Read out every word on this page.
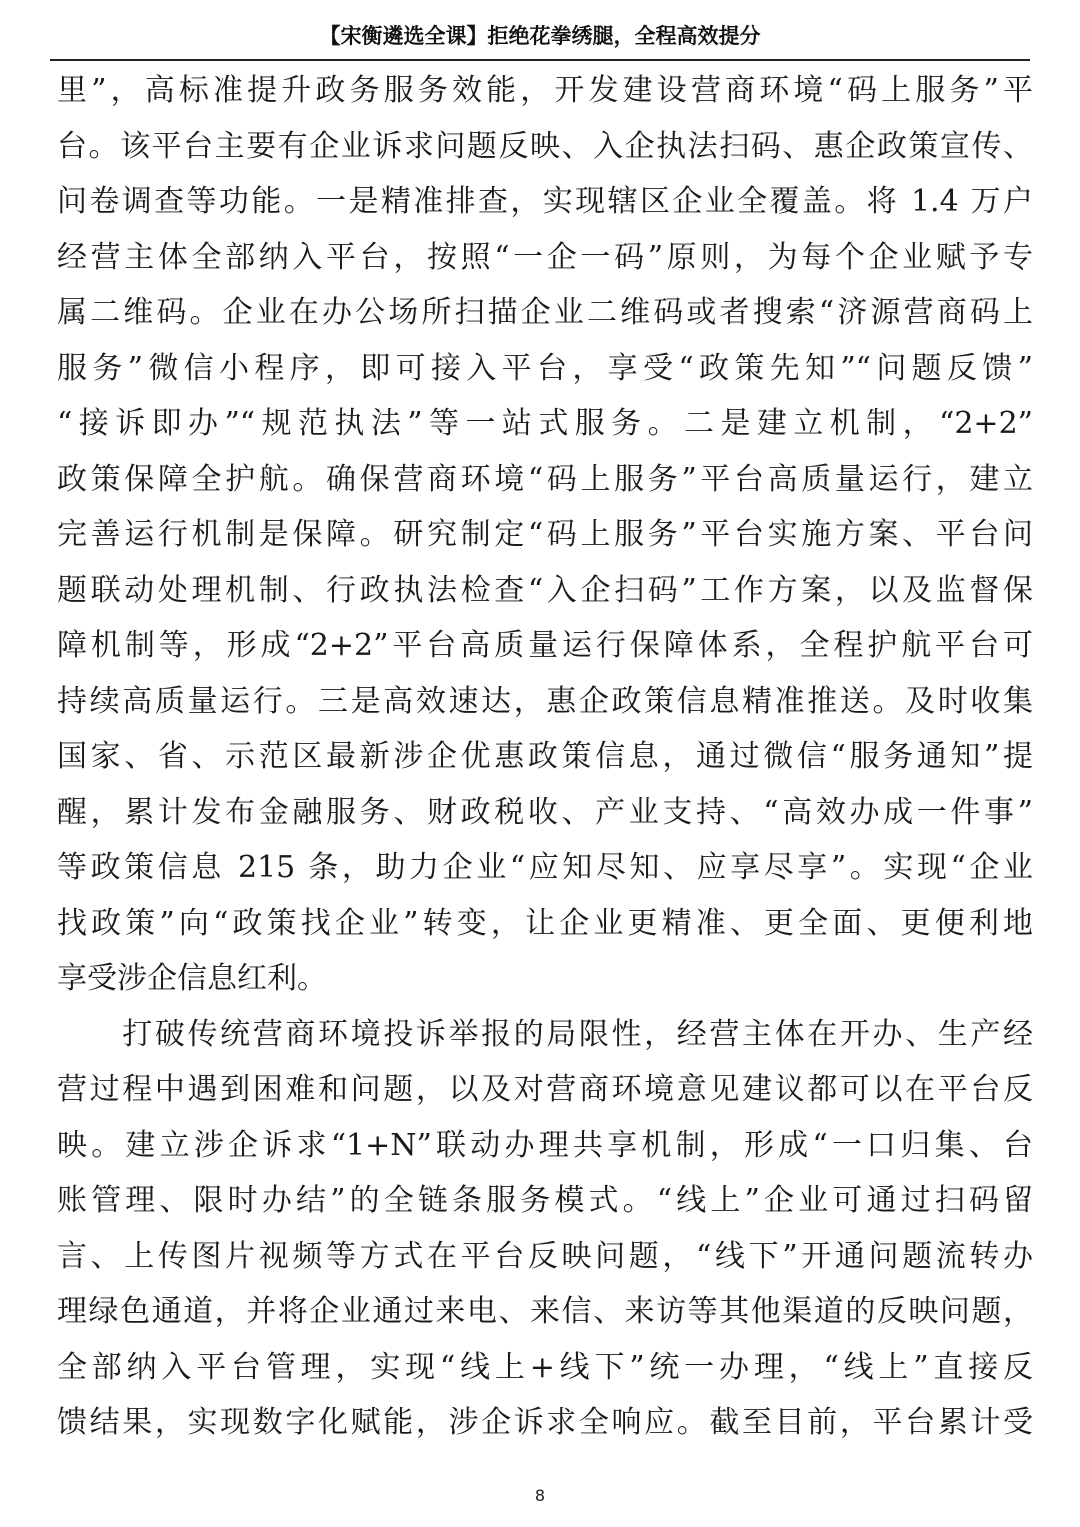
【宋衡遴选全课】拒绝花拳绣腿，全程高效提分
里”，高标准提升政务服务效能，开发建设营商环境“码上服务”平
台。该平台主要有企业诉求问题反映、入企执法扫码、惠企政策宣传、
问卷调查等功能。一是精准排查，实现辖区企业全覆盖。将 1.4 万户
经营主体全部纳入平台，按照“一企一码”原则，为每个企业赋予专
属二维码。企业在办公场所扫描企业二维码或者搜索“济源营商码上
服务”微信小程序，即可接入平台，享受“政策先知”“问题反馈”
“接诉即办”“规范执法”等一站式服务。二是建立机制，“2+2”
政策保障全护航。确保营商环境“码上服务”平台高质量运行，建立
完善运行机制是保障。研究制定“码上服务”平台实施方案、平台问
题联动处理机制、行政执法检查“入企扫码”工作方案，以及监督保
障机制等，形成“2+2”平台高质量运行保障体系，全程护航平台可
持续高质量运行。三是高效速达，惠企政策信息精准推送。及时收集
国家、省、示范区最新涉企优惠政策信息，通过微信“服务通知”提
醒，累计发布金融服务、财政税收、产业支持、“高效办成一件事”
等政策信息 215 条，助力企业“应知尽知、应享尽享”。实现“企业
找政策”向“政策找企业”转变，让企业更精准、更全面、更便利地
享受涉企信息红利。
　　打破传统营商环境投诉举报的局限性，经营主体在开办、生产经
营过程中遇到困难和问题，以及对营商环境意见建议都可以在平台反
映。建立涉企诉求“1+N”联动办理共享机制，形成“一口归集、台
账管理、限时办结”的全链条服务模式。“线上”企业可通过扫码留
言、上传图片视频等方式在平台反映问题，“线下”开通问题流转办
理绿色通道，并将企业通过来电、来信、来访等其他渠道的反映问题，
全部纳入平台管理，实现“线上+线下”统一办理，“线上”直接反
馈结果，实现数字化赋能，涉企诉求全响应。截至目前，平台累计受
8
